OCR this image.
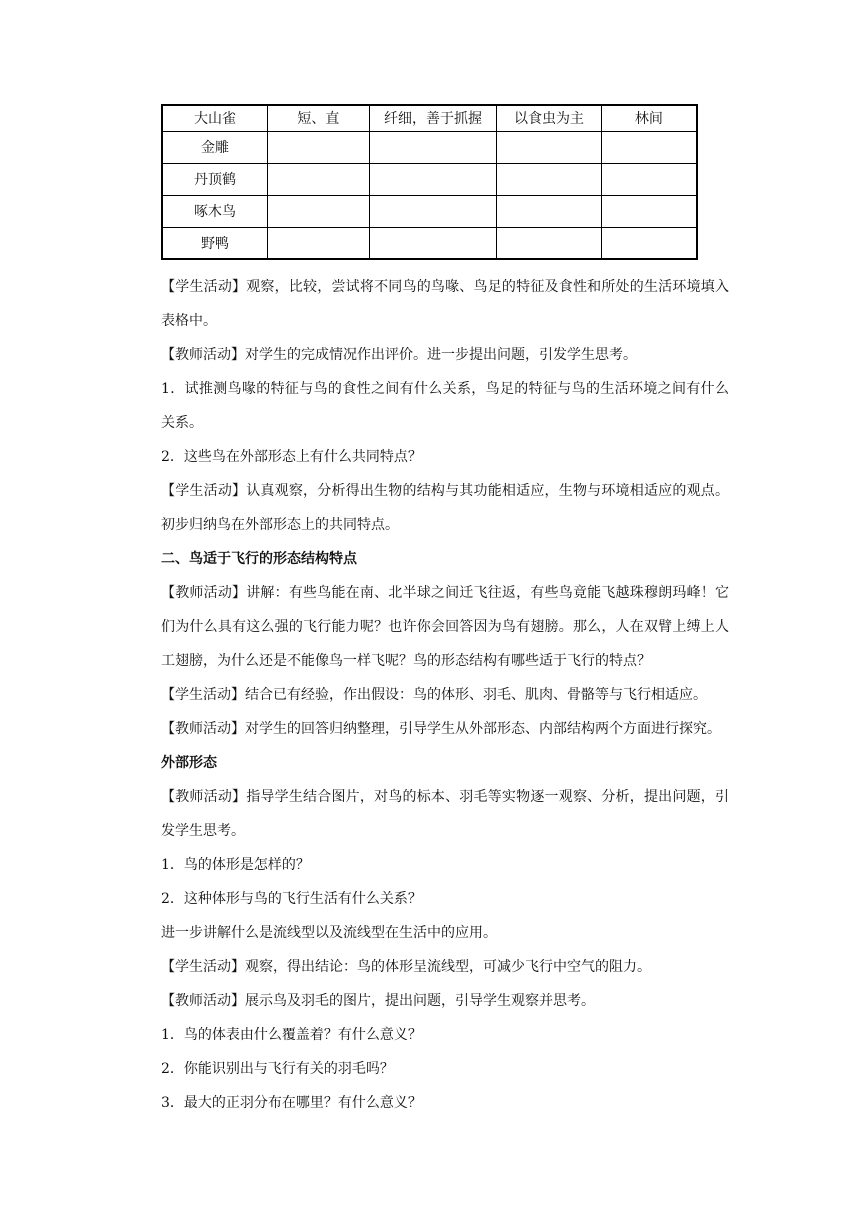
大山雀	短、直	纤细，善于抓握	以食虫为主	林间
金雕				
丹顶鹤				
啄木鸟				
野鸭				

【学生活动】观察，比较，尝试将不同鸟的鸟喙、鸟足的特征及食性和所处的生活环境填入表格中。

【教师活动】对学生的完成情况作出评价。进一步提出问题，引发学生思考。

1．试推测鸟喙的特征与鸟的食性之间有什么关系，鸟足的特征与鸟的生活环境之间有什么关系。

2．这些鸟在外部形态上有什么共同特点？

【学生活动】认真观察，分析得出生物的结构与其功能相适应，生物与环境相适应的观点。初步归纳鸟在外部形态上的共同特点。

二、鸟适于飞行的形态结构特点

【教师活动】讲解：有些鸟能在南、北半球之间迁飞往返，有些鸟竟能飞越珠穆朗玛峰！它们为什么具有这么强的飞行能力呢？也许你会回答因为鸟有翅膀。那么，人在双臂上缚上人工翅膀，为什么还是不能像鸟一样飞呢？鸟的形态结构有哪些适于飞行的特点？

【学生活动】结合已有经验，作出假设：鸟的体形、羽毛、肌肉、骨骼等与飞行相适应。

【教师活动】对学生的回答归纳整理，引导学生从外部形态、内部结构两个方面进行探究。

外部形态

【教师活动】指导学生结合图片，对鸟的标本、羽毛等实物逐一观察、分析，提出问题，引发学生思考。

1．鸟的体形是怎样的？

2．这种体形与鸟的飞行生活有什么关系？

进一步讲解什么是流线型以及流线型在生活中的应用。

【学生活动】观察，得出结论：鸟的体形呈流线型，可减少飞行中空气的阻力。

【教师活动】展示鸟及羽毛的图片，提出问题，引导学生观察并思考。

1．鸟的体表由什么覆盖着？有什么意义？

2．你能识别出与飞行有关的羽毛吗？

3．最大的正羽分布在哪里？有什么意义？
